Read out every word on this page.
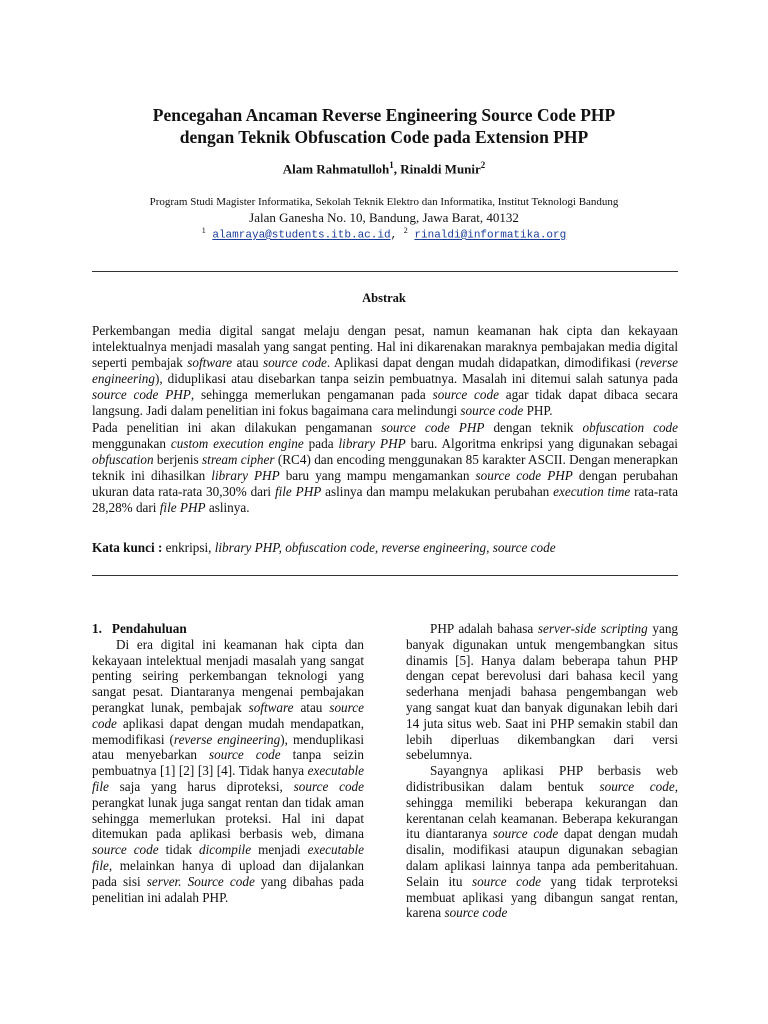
Pencegahan Ancaman Reverse Engineering Source Code PHP
dengan Teknik Obfuscation Code pada Extension PHP
Alam Rahmatulloh$^1$, Rinaldi Munir$^2$
Program Studi Magister Informatika, Sekolah Teknik Elektro dan Informatika, Institut Teknologi Bandung
Jalan Ganesha No. 10, Bandung, Jawa Barat, 40132
$^1$ alamraya@students.itb.ac.id, $^2$ rinaldi@informatika.org
Abstrak

Perkembangan media digital sangat melaju dengan pesat, namun keamanan hak cipta dan kekayaan intelektualnya menjadi masalah yang sangat penting. Hal ini dikarenakan maraknya pembajakan media digital seperti pembajak software atau source code. Aplikasi dapat dengan mudah didapatkan, dimodifikasi (reverse engineering), diduplikasi atau disebarkan tanpa seizin pembuatnya. Masalah ini ditemui salah satunya pada source code PHP, sehingga memerlukan pengamanan pada source code agar tidak dapat dibaca secara langsung. Jadi dalam penelitian ini fokus bagaimana cara melindungi source code PHP.

Pada penelitian ini akan dilakukan pengamanan source code PHP dengan teknik obfuscation code menggunakan custom execution engine pada library PHP baru. Algoritma enkripsi yang digunakan sebagai obfuscation berjenis stream cipher (RC4) dan encoding menggunakan 85 karakter ASCII. Dengan menerapkan teknik ini dihasilkan library PHP baru yang mampu mengamankan source code PHP dengan perubahan ukuran data rata-rata 30,30% dari file PHP aslinya dan mampu melakukan perubahan execution time rata-rata 28,28% dari file PHP aslinya.

Kata kunci : enkripsi, library PHP, obfuscation code, reverse engineering, source code

1. Pendahuluan

Di era digital ini keamanan hak cipta dan kekayaan intelektual menjadi masalah yang sangat penting seiring perkembangan teknologi yang sangat pesat. Diantaranya mengenai pembajakan perangkat lunak, pembajak software atau source code aplikasi dapat dengan mudah mendapatkan, memodifikasi (reverse engineering), menduplikasi atau menyebarkan source code tanpa seizin pembuatnya [1] [2] [3] [4]. Tidak hanya executable file saja yang harus diproteksi, source code perangkat lunak juga sangat rentan dan tidak aman sehingga memerlukan proteksi. Hal ini dapat ditemukan pada aplikasi berbasis web, dimana source code tidak dicompile menjadi executable file, melainkan hanya di upload dan dijalankan pada sisi server. Source code yang dibahas pada penelitian ini adalah PHP.

PHP adalah bahasa server-side scripting yang banyak digunakan untuk mengembangkan situs dinamis [5]. Hanya dalam beberapa tahun PHP dengan cepat berevolusi dari bahasa kecil yang sederhana menjadi bahasa pengembangan web yang sangat kuat dan banyak digunakan lebih dari 14 juta situs web. Saat ini PHP semakin stabil dan lebih diperluas dikembangkan dari versi sebelumnya.

Sayangnya aplikasi PHP berbasis web didistribusikan dalam bentuk source code, sehingga memiliki beberapa kekurangan dan kerentanan celah keamanan. Beberapa kekurangan itu diantaranya source code dapat dengan mudah disalin, modifikasi ataupun digunakan sebagian dalam aplikasi lainnya tanpa ada pemberitahuan. Selain itu source code yang tidak terproteksi membuat aplikasi yang dibangun sangat rentan, karena source code
